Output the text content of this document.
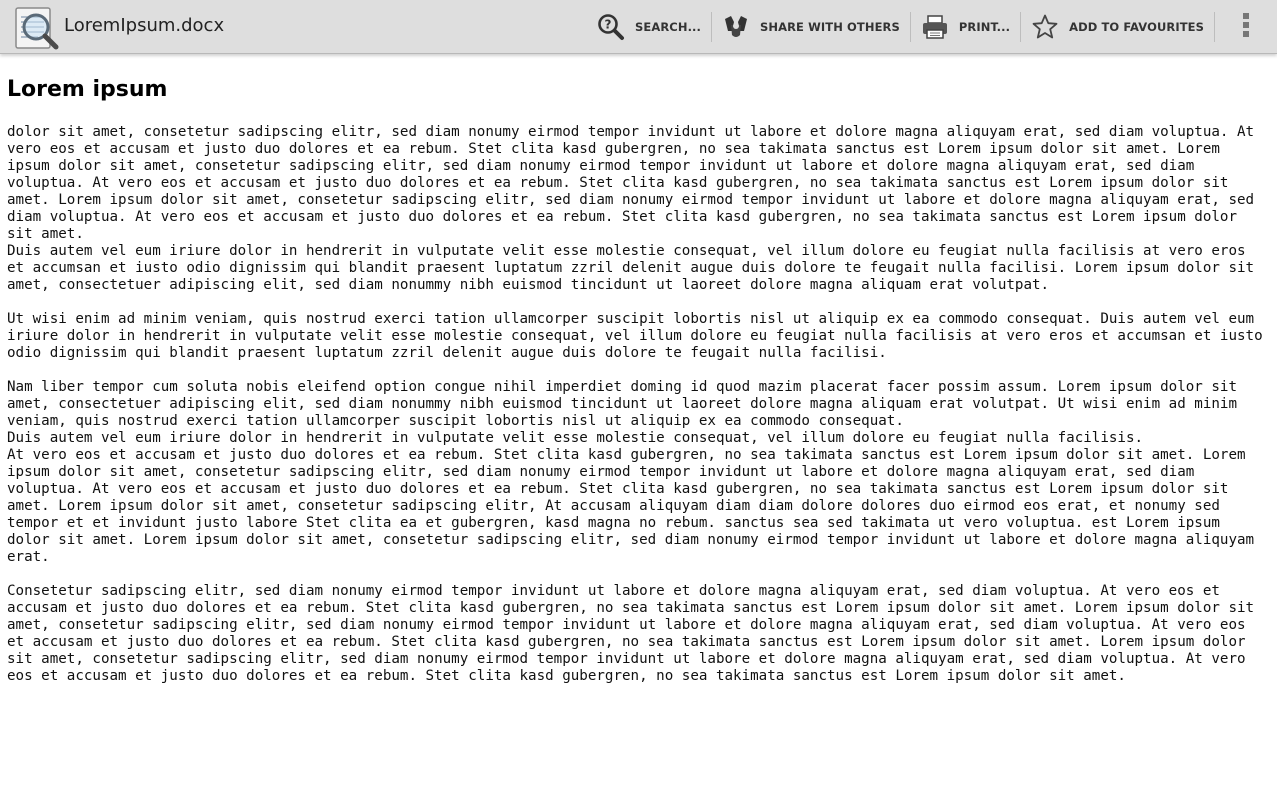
LoremIpsum.docx	? SEARCH...	SHARE WITH OTHERS	PRINT...	ADD TO FAVOURITES
Lorem ipsum
dolor sit amet, consetetur sadipscing elitr, sed diam nonumy eirmod tempor invidunt ut labore et dolore magna aliquyam erat, sed diam voluptua. At vero eos et accusam et justo duo dolores et ea rebum. Stet clita kasd gubergren, no sea takimata sanctus est Lorem ipsum dolor sit amet. Lorem ipsum dolor sit amet, consetetur sadipscing elitr, sed diam nonumy eirmod tempor invidunt ut labore et dolore magna aliquyam erat, sed diam voluptua. At vero eos et accusam et justo duo dolores et ea rebum. Stet clita kasd gubergren, no sea takimata sanctus est Lorem ipsum dolor sit amet. Lorem ipsum dolor sit amet, consetetur sadipscing elitr, sed diam nonumy eirmod tempor invidunt ut labore et dolore magna aliquyam erat, sed diam voluptua. At vero eos et accusam et justo duo dolores et ea rebum. Stet clita kasd gubergren, no sea takimata sanctus est Lorem ipsum dolor sit amet.
Duis autem vel eum iriure dolor in hendrerit in vulputate velit esse molestie consequat, vel illum dolore eu feugiat nulla facilisis at vero eros et accumsan et iusto odio dignissim qui blandit praesent luptatum zzril delenit augue duis dolore te feugait nulla facilisi. Lorem ipsum dolor sit amet, consectetuer adipiscing elit, sed diam nonummy nibh euismod tincidunt ut laoreet dolore magna aliquam erat volutpat.

Ut wisi enim ad minim veniam, quis nostrud exerci tation ullamcorper suscipit lobortis nisl ut aliquip ex ea commodo consequat. Duis autem vel eum iriure dolor in hendrerit in vulputate velit esse molestie consequat, vel illum dolore eu feugiat nulla facilisis at vero eros et accumsan et iusto odio dignissim qui blandit praesent luptatum zzril delenit augue duis dolore te feugait nulla facilisi.

Nam liber tempor cum soluta nobis eleifend option congue nihil imperdiet doming id quod mazim placerat facer possim assum. Lorem ipsum dolor sit amet, consectetuer adipiscing elit, sed diam nonummy nibh euismod tincidunt ut laoreet dolore magna aliquam erat volutpat. Ut wisi enim ad minim veniam, quis nostrud exerci tation ullamcorper suscipit lobortis nisl ut aliquip ex ea commodo consequat.
Duis autem vel eum iriure dolor in hendrerit in vulputate velit esse molestie consequat, vel illum dolore eu feugiat nulla facilisis.
At vero eos et accusam et justo duo dolores et ea rebum. Stet clita kasd gubergren, no sea takimata sanctus est Lorem ipsum dolor sit amet. Lorem ipsum dolor sit amet, consetetur sadipscing elitr, sed diam nonumy eirmod tempor invidunt ut labore et dolore magna aliquyam erat, sed diam voluptua. At vero eos et accusam et justo duo dolores et ea rebum. Stet clita kasd gubergren, no sea takimata sanctus est Lorem ipsum dolor sit amet. Lorem ipsum dolor sit amet, consetetur sadipscing elitr, At accusam aliquyam diam diam dolore dolores duo eirmod eos erat, et nonumy sed tempor et et invidunt justo labore Stet clita ea et gubergren, kasd magna no rebum. sanctus sea sed takimata ut vero voluptua. est Lorem ipsum dolor sit amet. Lorem ipsum dolor sit amet, consetetur sadipscing elitr, sed diam nonumy eirmod tempor invidunt ut labore et dolore magna aliquyam erat.

Consetetur sadipscing elitr, sed diam nonumy eirmod tempor invidunt ut labore et dolore magna aliquyam erat, sed diam voluptua. At vero eos et accusam et justo duo dolores et ea rebum. Stet clita kasd gubergren, no sea takimata sanctus est Lorem ipsum dolor sit amet. Lorem ipsum dolor sit amet, consetetur sadipscing elitr, sed diam nonumy eirmod tempor invidunt ut labore et dolore magna aliquyam erat, sed diam voluptua. At vero eos et accusam et justo duo dolores et ea rebum. Stet clita kasd gubergren, no sea takimata sanctus est Lorem ipsum dolor sit amet. Lorem ipsum dolor sit amet, consetetur sadipscing elitr, sed diam nonumy eirmod tempor invidunt ut labore et dolore magna aliquyam erat, sed diam voluptua. At vero eos et accusam et justo duo dolores et ea rebum. Stet clita kasd gubergren, no sea takimata sanctus est Lorem ipsum dolor sit amet.
